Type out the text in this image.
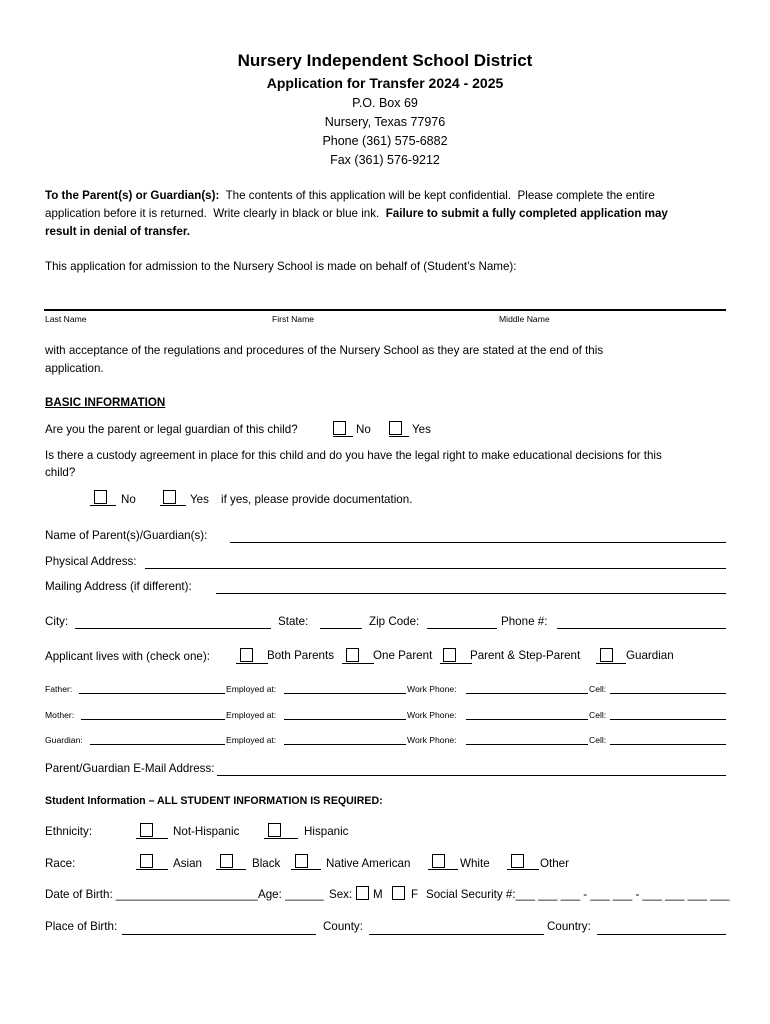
Nursery Independent School District
Application for Transfer 2024 - 2025
P.O. Box 69
Nursery, Texas 77976
Phone (361) 575-6882
Fax (361) 576-9212
To the Parent(s) or Guardian(s):  The contents of this application will be kept confidential.  Please complete the entire
application before it is returned.  Write clearly in black or blue ink.  Failure to submit a fully completed application may
result in denial of transfer.
This application for admission to the Nursery School is made on behalf of (Student’s Name):
Last Name	First Name	Middle Name
with acceptance of the regulations and procedures of the Nursery School as they are stated at the end of this
application.
BASIC INFORMATION
Are you the parent or legal guardian of this child?	No	Yes
Is there a custody agreement in place for this child and do you have the legal right to make educational decisions for this
child?
No	Yes if yes, please provide documentation.
Name of Parent(s)/Guardian(s):
Physical Address:
Mailing Address (if different):
City:	State:	Zip Code:	Phone #:
Applicant lives with (check one):	Both Parents	One Parent	Parent & Step-Parent	Guardian
Father:	Employed at:	Work Phone:	Cell:
Mother:	Employed at:	Work Phone:	Cell:
Guardian:	Employed at:	Work Phone:	Cell:
Parent/Guardian E-Mail Address:
Student Information – ALL STUDENT INFORMATION IS REQUIRED:
Ethnicity:	Not-Hispanic	Hispanic
Race:	Asian	Black	Native American	White	Other
Date of Birth: ______________________ Age: ______ Sex: M F Social Security #:___ ___ ___ - ___ ___ - ___ ___ ___ ___
Place of Birth:	County:	Country:
